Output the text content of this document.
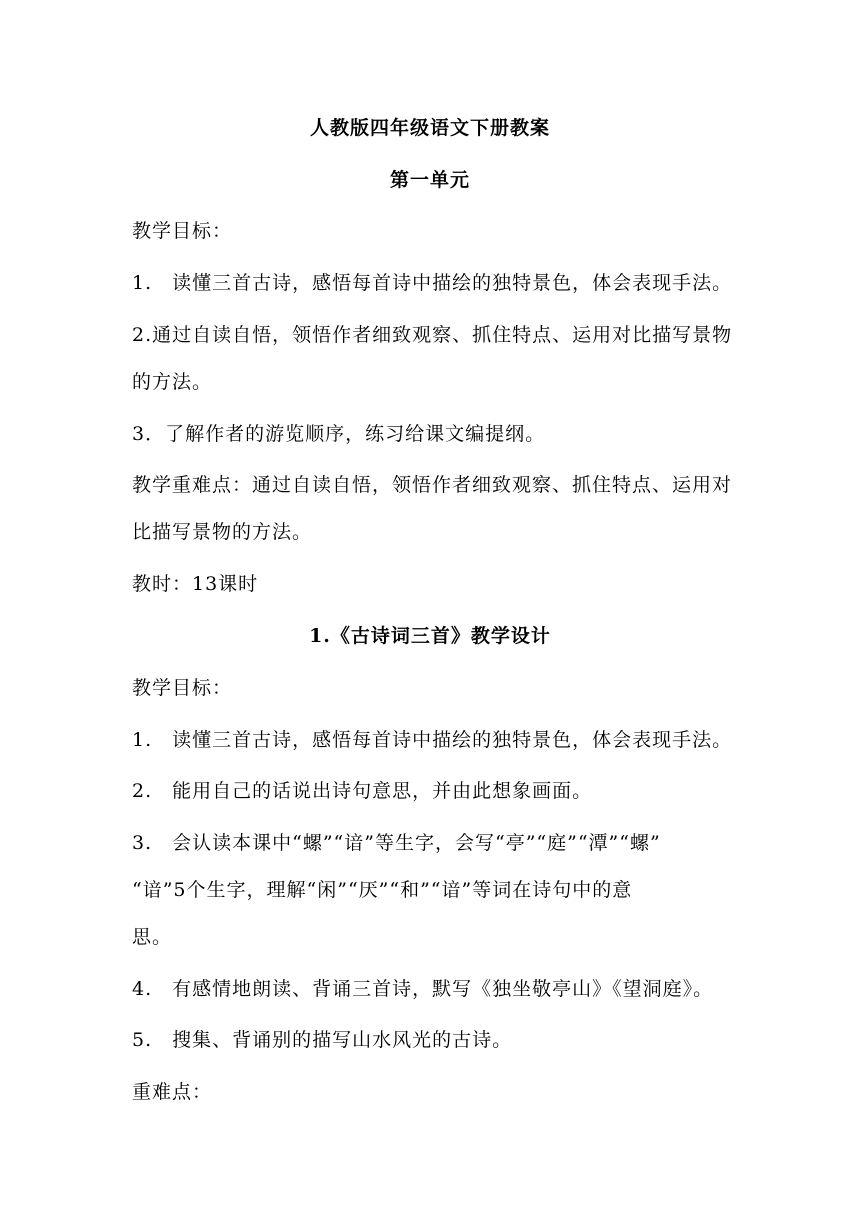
人教版四年级语文下册教案
第一单元
教学目标：
1.　读懂三首古诗，感悟每首诗中描绘的独特景色，体会表现手法。
2.通过自读自悟，领悟作者细致观察、抓住特点、运用对比描写景物
的方法。
3．了解作者的游览顺序，练习给课文编提纲。
教学重难点：通过自读自悟，领悟作者细致观察、抓住特点、运用对
比描写景物的方法。
教时：13课时
1.《古诗词三首》教学设计
教学目标：
1.　读懂三首古诗，感悟每首诗中描绘的独特景色，体会表现手法。
2.　能用自己的话说出诗句意思，并由此想象画面。
3.　会认读本课中“螺”“谙”等生字，会写“亭”“庭”“潭”“螺”
“谙”5个生字，理解“闲”“厌”“和”“谙”等词在诗句中的意
思。
4.　有感情地朗读、背诵三首诗，默写《独坐敬亭山》《望洞庭》。
5.　搜集、背诵别的描写山水风光的古诗。
重难点：
